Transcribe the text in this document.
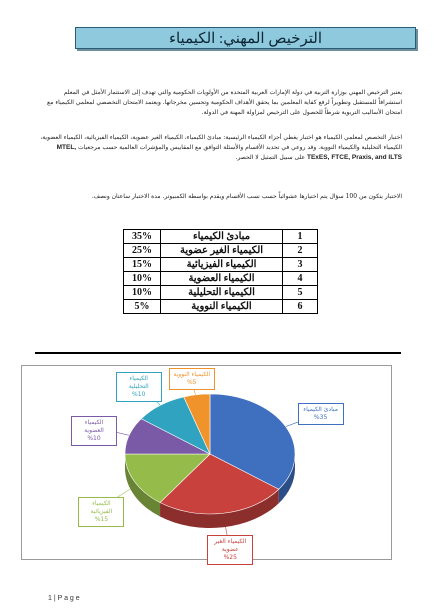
الترخيص المهني: الكيمياء
يعتبر الترخيص المهني بوزارة التربية في دولة الإمارات العربية المتحدة من الأولويات الحكومية والتي تهدف إلى الاستثمار الأمثل في المعلم استشرافاً للمستقبل وتطويراً لرفع كفاية المعلمين بما يحقق الأهداف الحكومية وتحسين مخرجاتها. ويعتمد الامتحان التخصصي لمعلمي الكيمياء مع امتحان الأساليب التربوية شرطاً للحصول على الترخيص لمزاولة المهنة في الدولة.
اختبار التخصص لمعلمي الكيمياء هو اختبار يغطي أجزاء الكيمياء الرئيسية: مبادئ الكيمياء، الكيمياء الغير عضوية، الكيمياء الفيزيائية، الكيمياء العضوية، الكيمياء التحليلية والكيمياء النووية. وقد روعي في تحديد الأقسام والأسئلة التوافق مع المقاييس والمؤشرات العالمية حسب مرجعيات MTEL, TExES, FTCE, Praxis, and ILTS على سبيل التمثيل لا الحصر.
الاختبار يتكون من 100 سؤال يتم اختيارها عشوائياً حسب نسب الأقسام ويقدم بواسطة الكمبيوتر. مدة الاختبار ساعتان ونصف.
35%	مبادئ الكيمياء	1
25%	الكيمياء الغير عضوية	2
15%	الكيمياء الفيزيائية	3
10%	الكيمياء العضوية	4
10%	الكيمياء التحليلية	5
5%	الكيمياء النووية	6
مبادئ الكيمياء
%35
الكيمياء الغير عضوية
%25
الكيمياء الفيزيائية
%15
الكيمياء العضوية
%10
الكيمياء التحليلية
%10
الكيمياء النووية
%5
1 | P a g e
